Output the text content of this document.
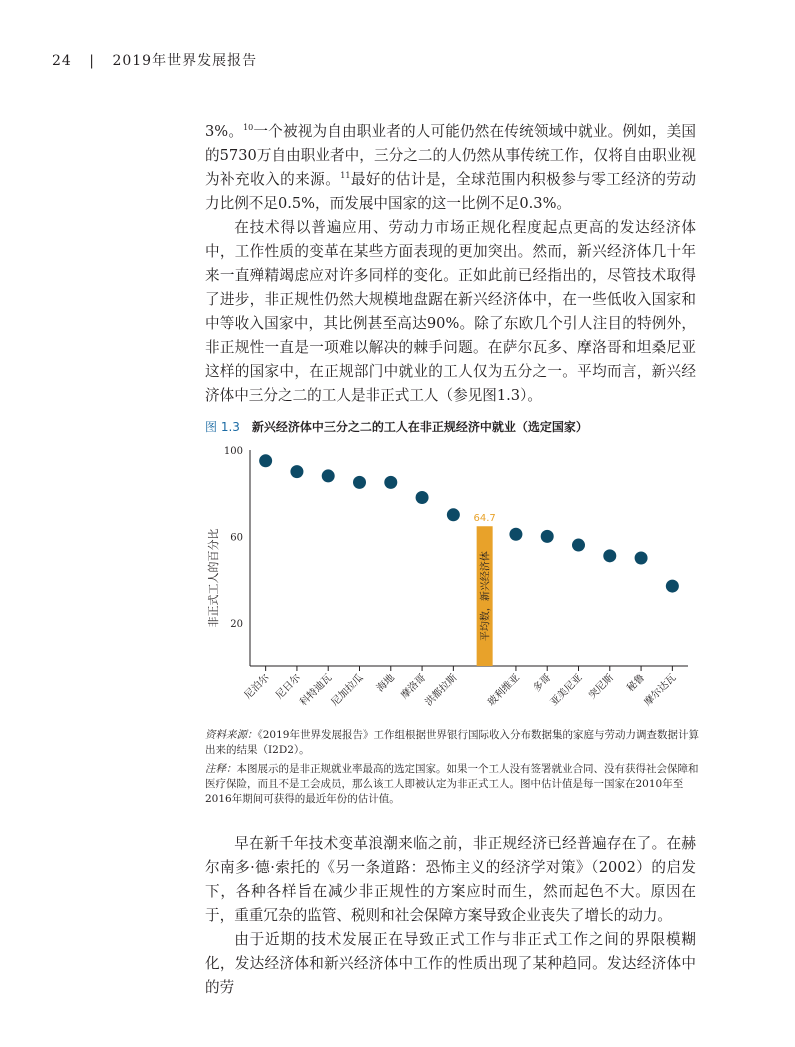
24 | 2019年世界发展报告

3%。$^{10}$一个被视为自由职业者的人可能仍然在传统领域中就业。例如，美国的5730万自由职业者中，三分之二的人仍然从事传统工作，仅将自由职业视为补充收入的来源。$^{11}$最好的估计是，全球范围内积极参与零工经济的劳动力比例不足0.5%，而发展中国家的这一比例不足0.3%。

在技术得以普遍应用、劳动力市场正规化程度起点更高的发达经济体中，工作性质的变革在某些方面表现的更加突出。然而，新兴经济体几十年来一直殚精竭虑应对许多同样的变化。正如此前已经指出的，尽管技术取得了进步，非正规性仍然大规模地盘踞在新兴经济体中，在一些低收入国家和中等收入国家中，其比例甚至高达90%。除了东欧几个引人注目的特例外，非正规性一直是一项难以解决的棘手问题。在萨尔瓦多、摩洛哥和坦桑尼亚这样的国家中，在正规部门中就业的工人仅为五分之一。平均而言，新兴经济体中三分之二的工人是非正式工人（参见图1.3）。

图 1.3 新兴经济体中三分之二的工人在非正规经济中就业（选定国家）
20
60
100
非正式工人的百分比
尼泊尔 尼日尔
科特迪瓦
尼加拉瓜 海地 摩洛哥
洪都拉斯
64.7
平均数，新兴经济体
玻利维亚 多哥
亚美尼亚 突尼斯 秘鲁
摩尔达瓦

资料来源：《2019年世界发展报告》工作组根据世界银行国际收入分布数据集的家庭与劳动力调查数据计算出来的结果（I2D2）。

注释：本图展示的是非正规就业率最高的选定国家。如果一个工人没有签署就业合同、没有获得社会保障和医疗保险，而且不是工会成员，那么该工人即被认定为非正式工人。图中估计值是每一国家在2010年至2016年期间可获得的最近年份的估计值。

早在新千年技术变革浪潮来临之前，非正规经济已经普遍存在了。在赫尔南多·德·索托的《另一条道路：恐怖主义的经济学对策》（2002）的启发下，各种各样旨在减少非正规性的方案应时而生，然而起色不大。原因在于，重重冗杂的监管、税则和社会保障方案导致企业丧失了增长的动力。

由于近期的技术发展正在导致正式工作与非正式工作之间的界限模糊化，发达经济体和新兴经济体中工作的性质出现了某种趋同。发达经济体中的劳
